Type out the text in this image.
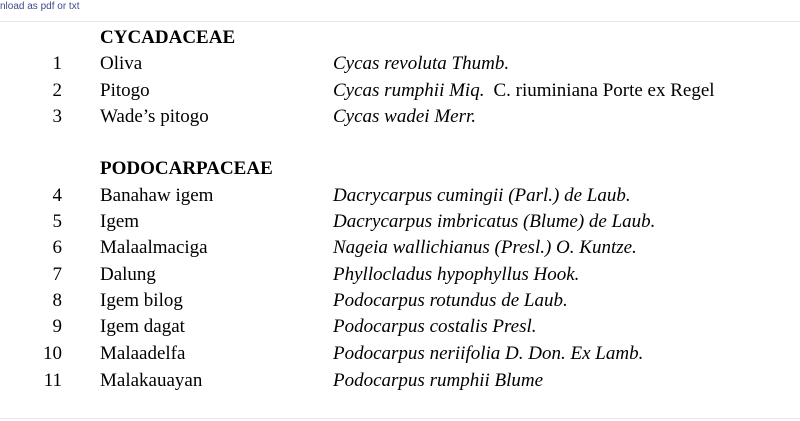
nload as pdf or txt
CYCADACEAE
1 Oliva	Cycas revoluta Thumb.
2 Pitogo	Cycas rumphii Miq. C. riuminiana Porte ex Regel
3 Wade’s pitogo	Cycas wadei Merr.
PODOCARPACEAE
4 Banahaw igem	Dacrycarpus cumingii (Parl.) de Laub.
5 Igem	Dacrycarpus imbricatus (Blume) de Laub.
6 Malaalmaciga	Nageia wallichianus (Presl.) O. Kuntze.
7 Dalung	Phyllocladus hypophyllus Hook.
8 Igem bilog	Podocarpus rotundus de Laub.
9 Igem dagat	Podocarpus costalis Presl.
10 Malaadelfa	Podocarpus neriifolia D. Don. Ex Lamb.
11 Malakauayan	Podocarpus rumphii Blume
